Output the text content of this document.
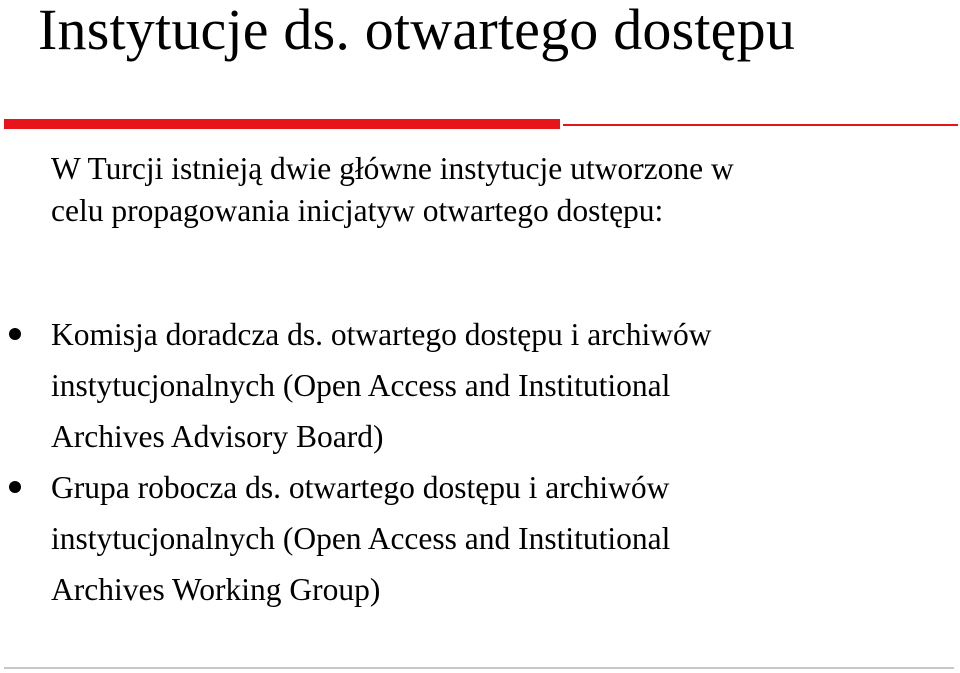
Instytucje ds. otwartego dostępu
W Turcji istnieją dwie główne instytucje utworzone w
celu propagowania inicjatyw otwartego dostępu:
Komisja doradcza ds. otwartego dostępu i archiwów
instytucjonalnych (Open Access and Institutional
Archives Advisory Board)
Grupa robocza ds. otwartego dostępu i archiwów
instytucjonalnych (Open Access and Institutional
Archives Working Group)
